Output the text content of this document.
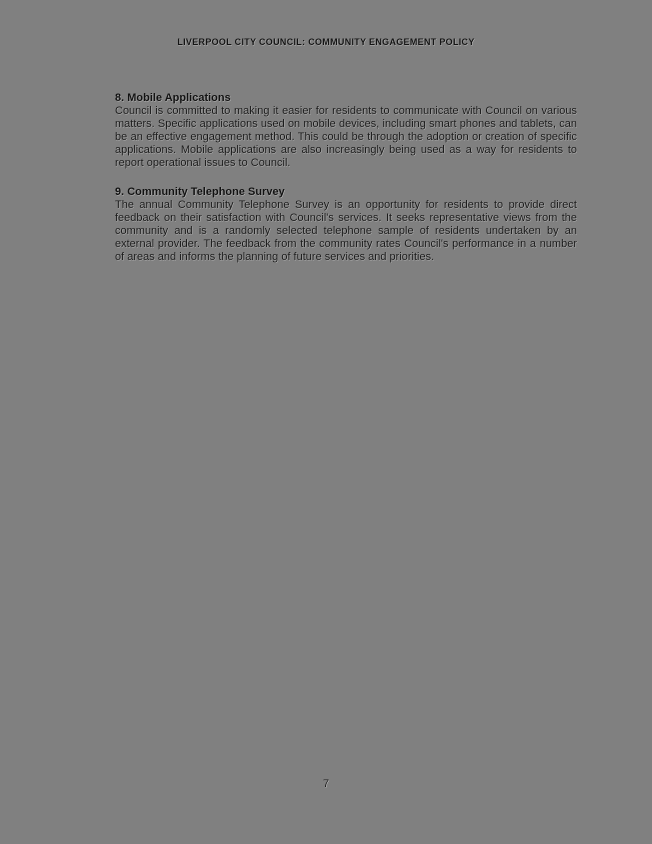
LIVERPOOL CITY COUNCIL: COMMUNITY ENGAGEMENT POLICY
8. Mobile Applications

Council is committed to making it easier for residents to communicate with Council on various matters. Specific applications used on mobile devices, including smart phones and tablets, can be an effective engagement method. This could be through the adoption or creation of specific applications. Mobile applications are also increasingly being used as a way for residents to report operational issues to Council.

9. Community Telephone Survey

The annual Community Telephone Survey is an opportunity for residents to provide direct feedback on their satisfaction with Council's services. It seeks representative views from the community and is a randomly selected telephone sample of residents undertaken by an external provider. The feedback from the community rates Council's performance in a number of areas and informs the planning of future services and priorities.

7
